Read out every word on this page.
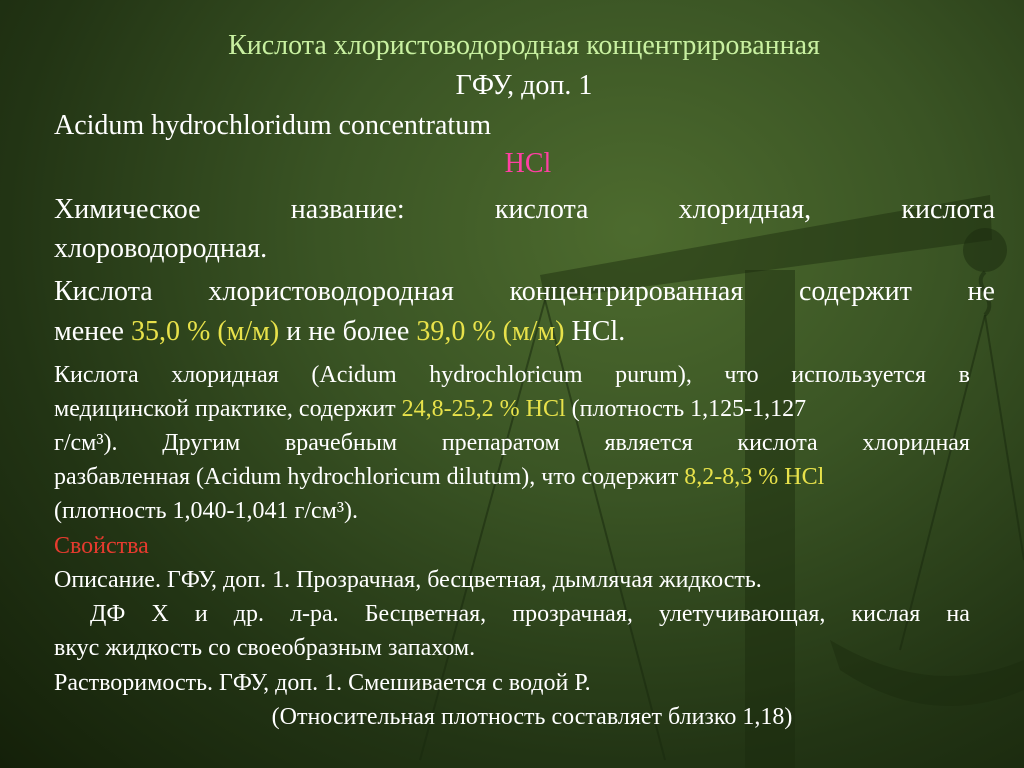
Кислота хлористоводородная концентрированная
ГФУ, доп. 1
Acidum hydrochloridum concentratum
HCl
Химическое	название:	кислота	хлоридная,	кислота
хлороводородная.
Кислота хлористоводородная концентрированная содержит не
менее 35,0 % (м/м) и не более 39,0 % (м/м) HCl.
Кислота хлоридная (Acidum hydrochloricum purum), что используется в
медицинской практике, содержит 24,8-25,2 % HCl (плотность 1,125-1,127
г/см³). Другим врачебным препаратом является кислота хлоридная
разбавленная (Acidum hydrochloricum dilutum), что содержит 8,2-8,3 % HCl
(плотность 1,040-1,041 г/см³).
Свойства
Описание. ГФУ, доп. 1. Прозрачная, бесцветная, дымлячая жидкость.
ДФ Х и др. л-ра. Бесцветная, прозрачная, улетучивающая, кислая на
вкус жидкость со своеобразным запахом.
Растворимость. ГФУ, доп. 1. Смешивается с водой Р.
(Относительная плотность составляет близко 1,18)
